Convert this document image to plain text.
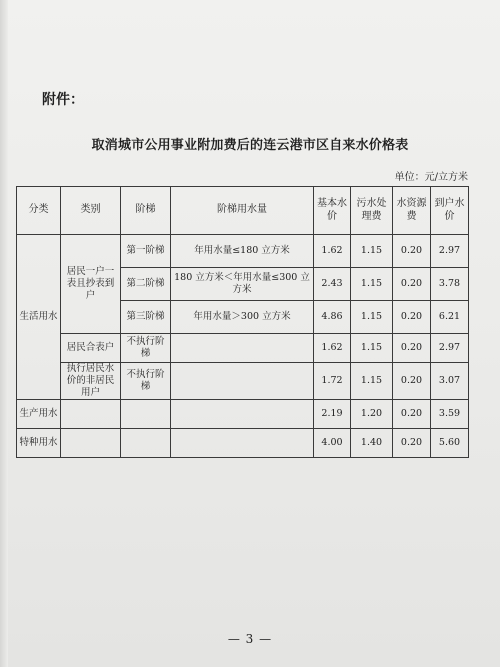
附件：
取消城市公用事业附加费后的连云港市区自来水价格表
单位：元/立方米
分类	类别	阶梯	阶梯用水量	基本水价	污水处理费	水资源费	到户水价
生活用水	居民一户一表且抄表到户	第一阶梯	年用水量≤180 立方米	1.62	1.15	0.20	2.97
		第二阶梯	180 立方米＜年用水量≤300 立方米	2.43	1.15	0.20	3.78
		第三阶梯	年用水量＞300 立方米	4.86	1.15	0.20	6.21
	居民合表户	不执行阶梯		1.62	1.15	0.20	2.97
	执行居民水价的非居民用户	不执行阶梯		1.72	1.15	0.20	3.07
生产用水				2.19	1.20	0.20	3.59
特种用水				4.00	1.40	0.20	5.60
— 3 —
